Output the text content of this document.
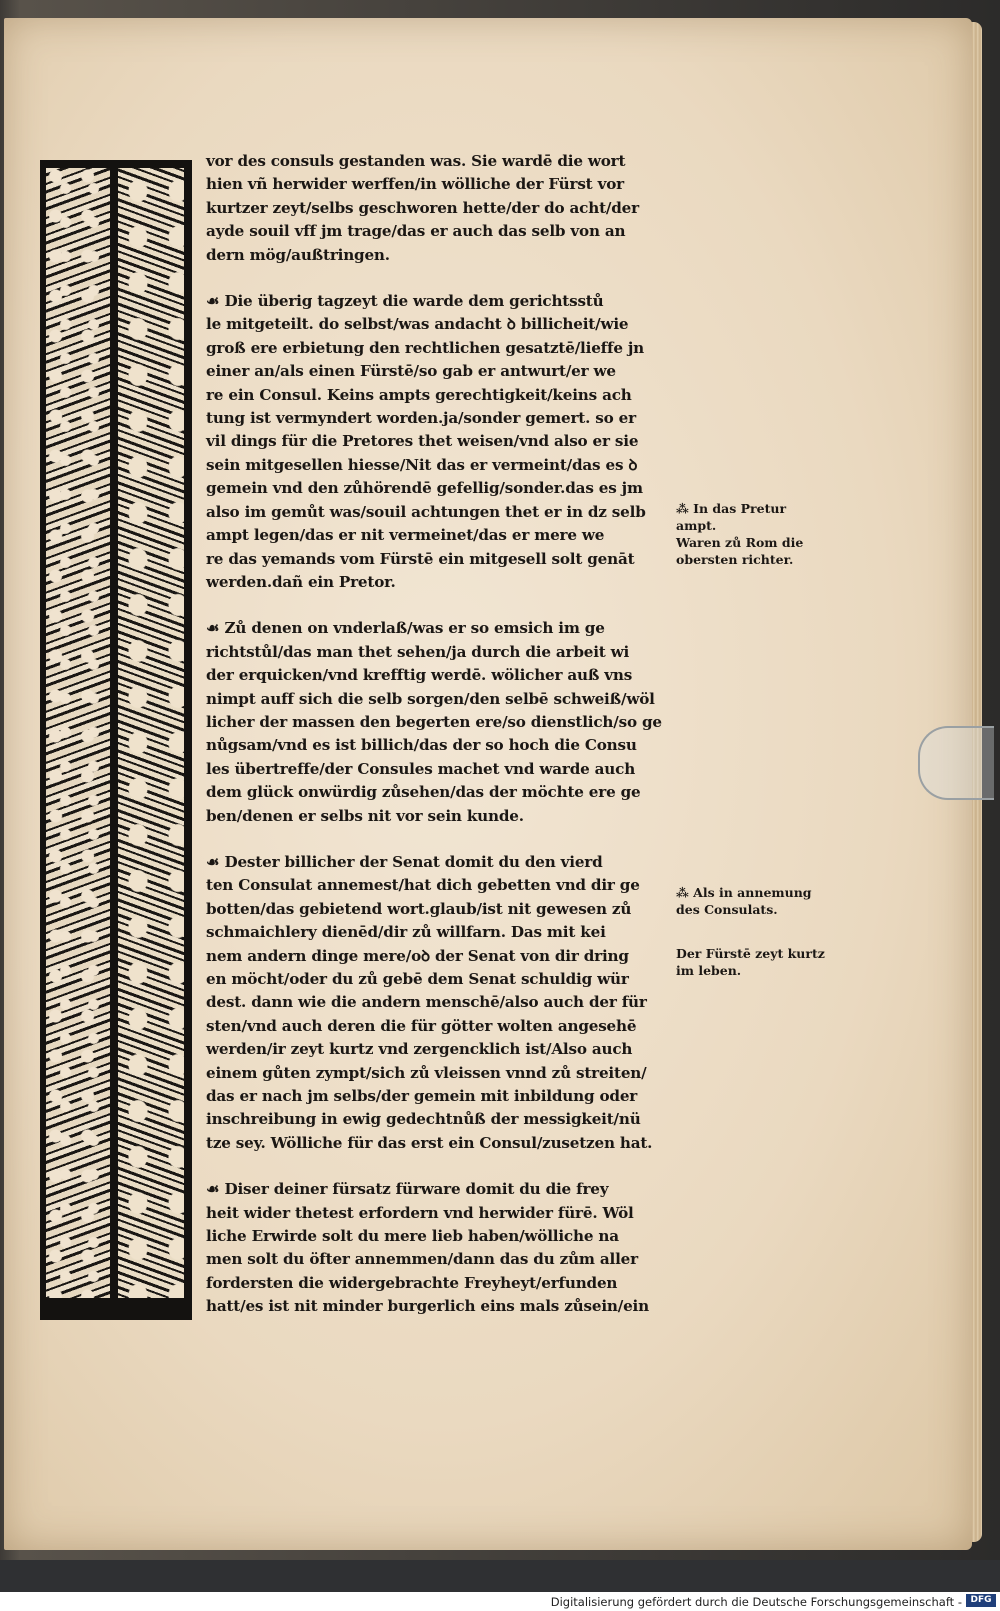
vor des consuls gestanden was. Sie wardē die wort

hien vñ herwider werffen/in wölliche der Fürst vor

kurtzer zeyt/selbs geschworen hette/der do acht/der

ayde souil vff jm trage/das er auch das selb von an

dern mög/außtringen.

☙ Die überig tagzeyt die warde dem gerichtsstů

le mitgeteilt. do selbst/was andacht ꝺ billicheit/wie

groß ere erbietung den rechtlichen gesatztē/lieffe jn

einer an/als einen Fürstē/so gab er antwurt/er we

re ein Consul. Keins ampts gerechtigkeit/keins ach

tung ist vermyndert worden.ja/sonder gemert. so er

vil dings für die Pretores thet weisen/vnd also er sie

sein mitgesellen hiesse/Nit das er vermeint/das es ꝺ

gemein vnd den zůhörendē gefellig/sonder.das es jm

also im gemůt was/souil achtungen thet er in dz selb

ampt legen/das er nit vermeinet/das er mere we

re das yemands vom Fürstē ein mitgesell solt genāt

werden.dañ ein Pretor.

☙ Zů denen on vnderlaß/was er so emsich im ge

richtstůl/das man thet sehen/ja durch die arbeit wi

der erquicken/vnd krefftig werdē. wölicher auß vns

nimpt auff sich die selb sorgen/den selbē schweiß/wöl

licher der massen den begerten ere/so dienstlich/so ge

nůgsam/vnd es ist billich/das der so hoch die Consu

les übertreffe/der Consules machet vnd warde auch

dem glück onwürdig zůsehen/das der möchte ere ge

ben/denen er selbs nit vor sein kunde.

☙ Dester billicher der Senat domit du den vierd

ten Consulat annemest/hat dich gebetten vnd dir ge

botten/das gebietend wort.glaub/ist nit gewesen zů

schmaichlery dienēd/dir zů willfarn. Das mit kei

nem andern dinge mere/oꝺ der Senat von dir dring

en möcht/oder du zů gebē dem Senat schuldig wür

dest. dann wie die andern menschē/also auch der für

sten/vnd auch deren die für götter wolten angesehē

werden/ir zeyt kurtz vnd zergencklich ist/Also auch

einem gůten zympt/sich zů vleissen vnnd zů streiten/

das er nach jm selbs/der gemein mit inbildung oder

inschreibung in ewig gedechtnůß der messigkeit/nü

tze sey. Wölliche für das erst ein Consul/zusetzen hat.

☙ Diser deiner fürsatz fürware domit du die frey

heit wider thetest erfordern vnd herwider fürē. Wöl

liche Erwirde solt du mere lieb haben/wölliche na

men solt du öfter annemmen/dann das du zům aller

fordersten die widergebrachte Freyheyt/erfunden

hatt/es ist nit minder burgerlich eins mals zůsein/ein

⁂ In das Pretur

ampt.

Waren zů Rom die

obersten richter.

⁂ Als in annemung

des Consulats.

Der Fürstē zeyt kurtz

im leben.

Digitalisierung gefördert durch die Deutsche Forschungsgemeinschaft - DFG
